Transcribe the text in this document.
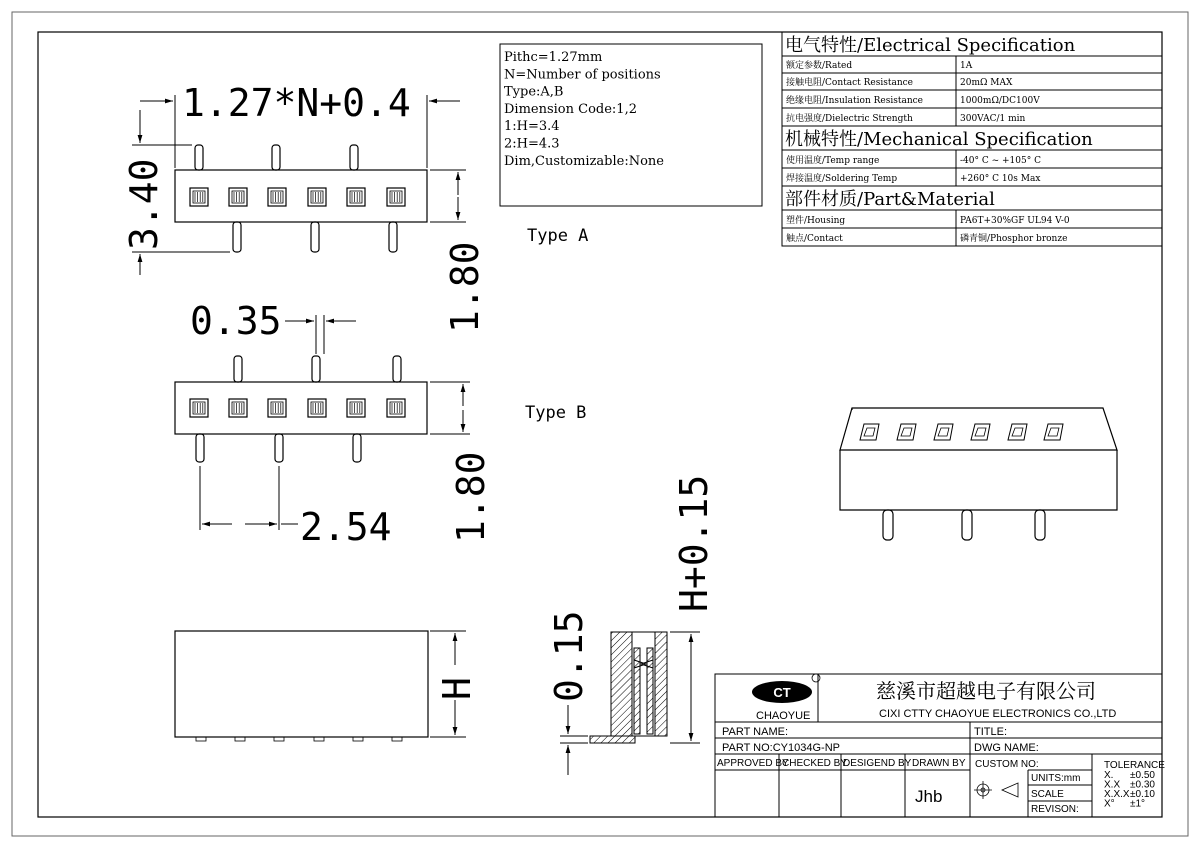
Pithc=1.27mm
N=Number of positions
Type:A,B
Dimension Code:1,2
1:H=3.4
2:H=4.3
Dim,Customizable:None
1.27*N+0.4
3.40
1.80
Type A
0.35
1.80
2.54
Type B
H
H+0.15
0.15
电气特性/Electrical Specification
机械特性/Mechanical Specification
部件材质/Part&Material
额定参数/Rated	1A
接触电阻/Contact Resistance	20mΩ MAX
绝缘电阻/Insulation Resistance	1000mΩ/DC100V
抗电强度/Dielectric Strength	300VAC/1 min
使用温度/Temp range	-40° C ~ +105° C
焊接温度/Soldering Temp	+260° C 10s Max
塑件/Housing	PA6T+30%GF UL94 V-0
触点/Contact	磷青铜/Phosphor bronze
CT
CHAOYUE
慈溪市超越电子有限公司
CIXI CTTY CHAOYUE ELECTRONICS CO.,LTD
PART NAME:	TITLE:
PART NO:CY1034G-NP	DWG NAME:
APPROVED BY
CHECKED BY
DESIGEND BY DRAWN BY
Jhb
CUSTOM NO:
UNITS:mm
SCALE
REVISON:
TOLERANCE
X. ±0.50
X.X ±0.30
X.X.X ±0.10
X° ±1°
